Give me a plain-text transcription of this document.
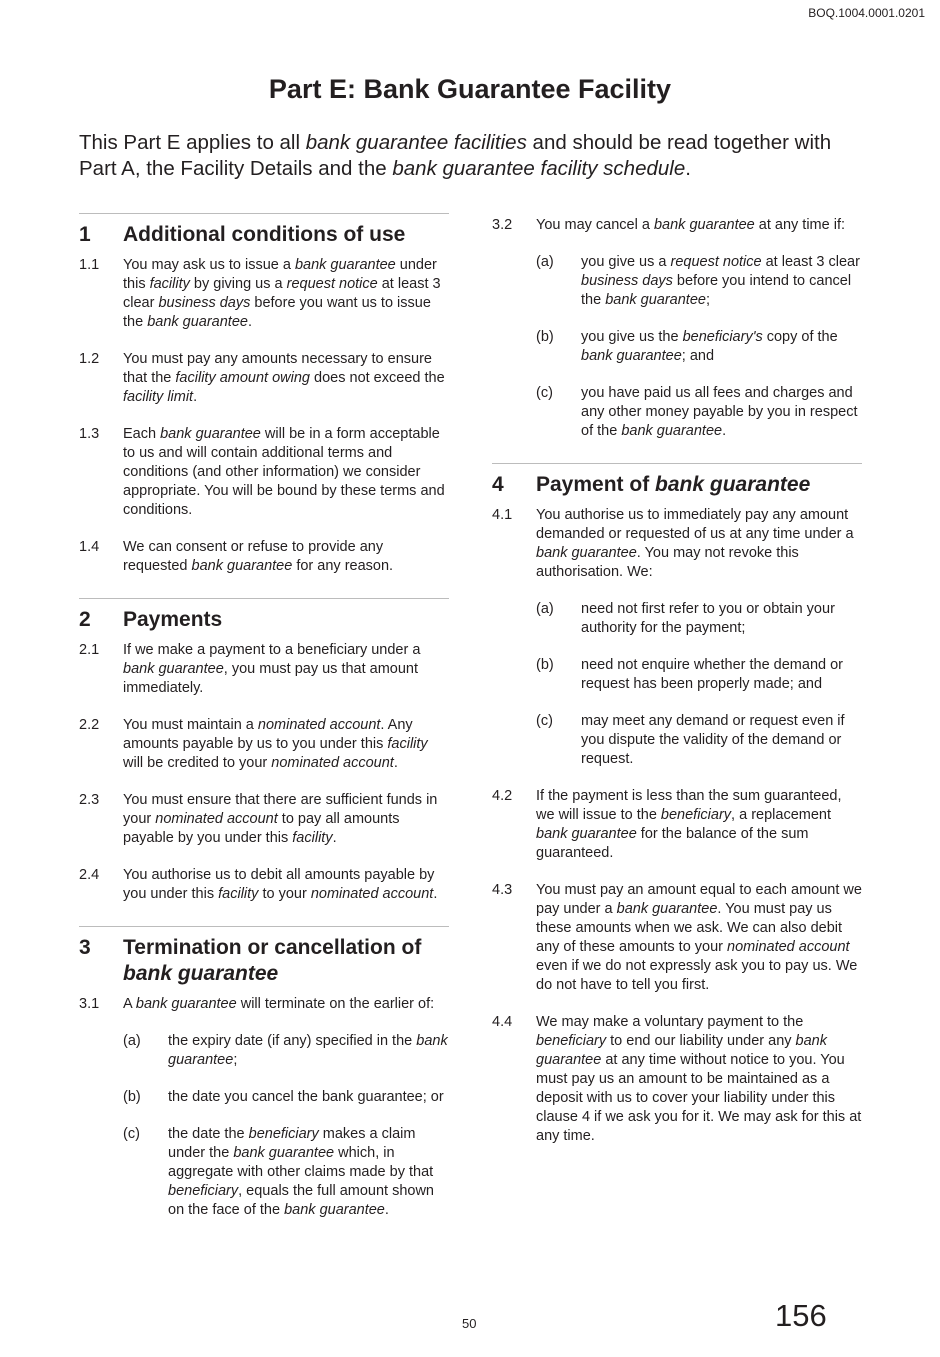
BOQ.1004.0001.0201
Part E: Bank Guarantee Facility
This Part E applies to all bank guarantee facilities and should be read together with Part A, the Facility Details and the bank guarantee facility schedule.
1	Additional conditions of use
1.1	You may ask us to issue a bank guarantee under this facility by giving us a request notice at least 3 clear business days before you want us to issue the bank guarantee.
1.2	You must pay any amounts necessary to ensure that the facility amount owing does not exceed the facility limit.
1.3	Each bank guarantee will be in a form acceptable to us and will contain additional terms and conditions (and other information) we consider appropriate. You will be bound by these terms and conditions.
1.4	We can consent or refuse to provide any requested bank guarantee for any reason.
2	Payments
2.1	If we make a payment to a beneficiary under a bank guarantee, you must pay us that amount immediately.
2.2	You must maintain a nominated account. Any amounts payable by us to you under this facility will be credited to your nominated account.
2.3	You must ensure that there are sufficient funds in your nominated account to pay all amounts payable by you under this facility.
2.4	You authorise us to debit all amounts payable by you under this facility to your nominated account.
3	Termination or cancellation of bank guarantee
3.1	A bank guarantee will terminate on the earlier of:
(a)	the expiry date (if any) specified in the bank guarantee;
(b)	the date you cancel the bank guarantee; or
(c)	the date the beneficiary makes a claim under the bank guarantee which, in aggregate with other claims made by that beneficiary, equals the full amount shown on the face of the bank guarantee.
3.2	You may cancel a bank guarantee at any time if:
(a)	you give us a request notice at least 3 clear business days before you intend to cancel the bank guarantee;
(b)	you give us the beneficiary's copy of the bank guarantee; and
(c)	you have paid us all fees and charges and any other money payable by you in respect of the bank guarantee.
4	Payment of bank guarantee
4.1	You authorise us to immediately pay any amount demanded or requested of us at any time under a bank guarantee. You may not revoke this authorisation. We:
(a)	need not first refer to you or obtain your authority for the payment;
(b)	need not enquire whether the demand or request has been properly made; and
(c)	may meet any demand or request even if you dispute the validity of the demand or request.
4.2	If the payment is less than the sum guaranteed, we will issue to the beneficiary, a replacement bank guarantee for the balance of the sum guaranteed.
4.3	You must pay an amount equal to each amount we pay under a bank guarantee. You must pay us these amounts when we ask. We can also debit any of these amounts to your nominated account even if we do not expressly ask you to pay us. We do not have to tell you first.
4.4	We may make a voluntary payment to the beneficiary to end our liability under any bank guarantee at any time without notice to you. You must pay us an amount to be maintained as a deposit with us to cover your liability under this clause 4 if we ask you for it. We may ask for this at any time.
50	156
